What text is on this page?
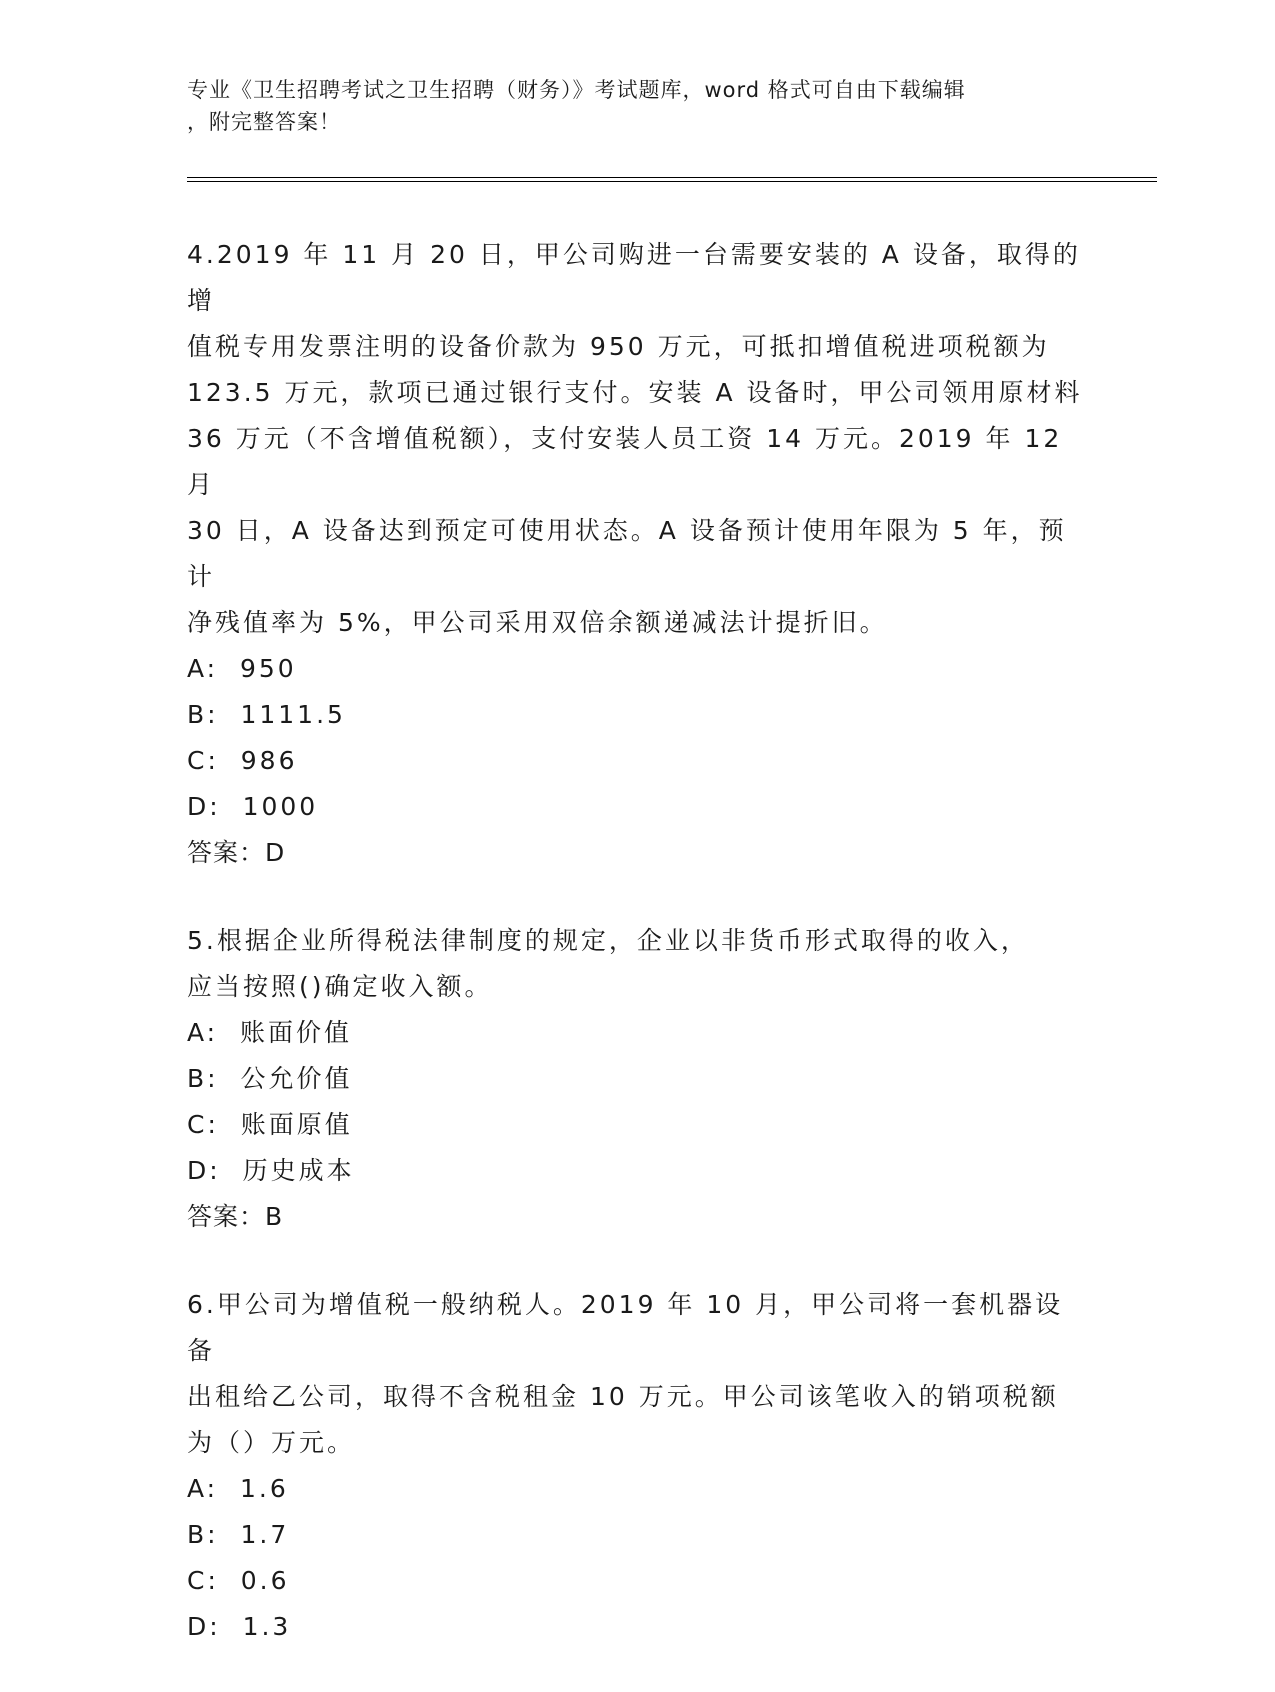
专业《卫生招聘考试之卫生招聘（财务）》考试题库，word 格式可自由下载编辑
，附完整答案！
4.2019 年 11 月 20 日，甲公司购进一台需要安装的 A 设备，取得的增
值税专用发票注明的设备价款为 950 万元，可抵扣增值税进项税额为
123.5 万元，款项已通过银行支付。安装 A 设备时，甲公司领用原材料
36 万元（不含增值税额），支付安装人员工资 14 万元。2019 年 12 月
30 日，A 设备达到预定可使用状态。A 设备预计使用年限为 5 年，预计
净残值率为 5%，甲公司采用双倍余额递减法计提折旧。
A:  950
B:  1111.5
C:  986
D:  1000
答案：D
5.根据企业所得税法律制度的规定，企业以非货币形式取得的收入，
应当按照()确定收入额。
A:  账面价值
B:  公允价值
C:  账面原值
D:  历史成本
答案：B
6.甲公司为增值税一般纳税人。2019 年 10 月，甲公司将一套机器设备
出租给乙公司，取得不含税租金 10 万元。甲公司该笔收入的销项税额
为（）万元。
A:  1.6
B:  1.7
C:  0.6
D:  1.3
